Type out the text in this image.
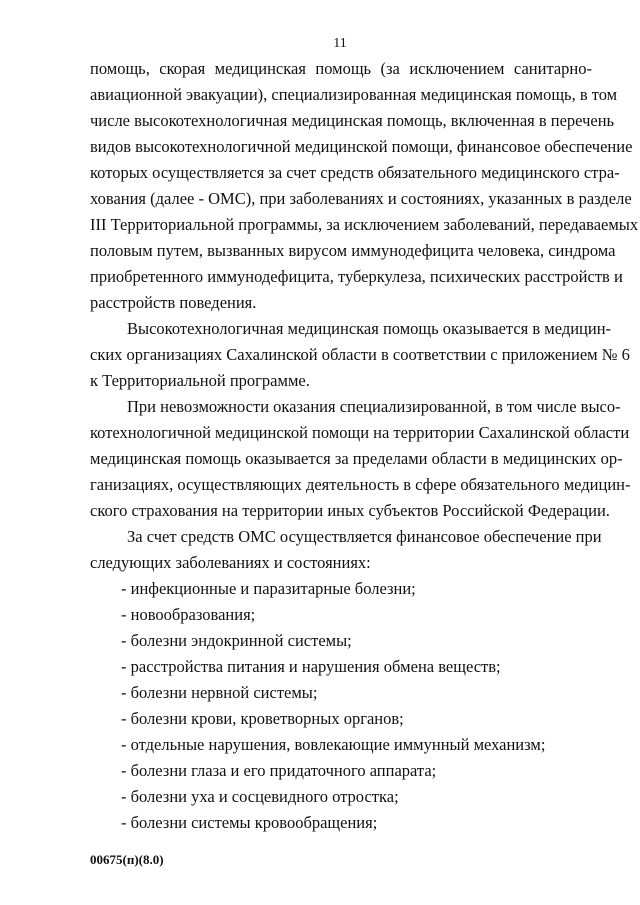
11
помощь, скорая медицинская помощь (за исключением санитарно-
авиационной эвакуации), специализированная медицинская помощь, в том
числе высокотехнологичная медицинская помощь, включенная в перечень
видов высокотехнологичной медицинской помощи, финансовое обеспечение
которых осуществляется за счет средств обязательного медицинского стра-
хования (далее - ОМС), при заболеваниях и состояниях, указанных в разделе
III Территориальной программы, за исключением заболеваний, передаваемых
половым путем, вызванных вирусом иммунодефицита человека, синдрома
приобретенного иммунодефицита, туберкулеза, психических расстройств и
расстройств поведения.
Высокотехнологичная медицинская помощь оказывается в медицин-
ских организациях Сахалинской области в соответствии с приложением № 6
к Территориальной программе.
При невозможности оказания специализированной, в том числе высо-
котехнологичной медицинской помощи на территории Сахалинской области
медицинская помощь оказывается за пределами области в медицинских ор-
ганизациях, осуществляющих деятельность в сфере обязательного медицин-
ского страхования на территории иных субъектов Российской Федерации.
За счет средств ОМС осуществляется финансовое обеспечение при
следующих заболеваниях и состояниях:
- инфекционные и паразитарные болезни;
- новообразования;
- болезни эндокринной системы;
- расстройства питания и нарушения обмена веществ;
- болезни нервной системы;
- болезни крови, кроветворных органов;
- отдельные нарушения, вовлекающие иммунный механизм;
- болезни глаза и его придаточного аппарата;
- болезни уха и сосцевидного отростка;
- болезни системы кровообращения;
00675(п)(8.0)
